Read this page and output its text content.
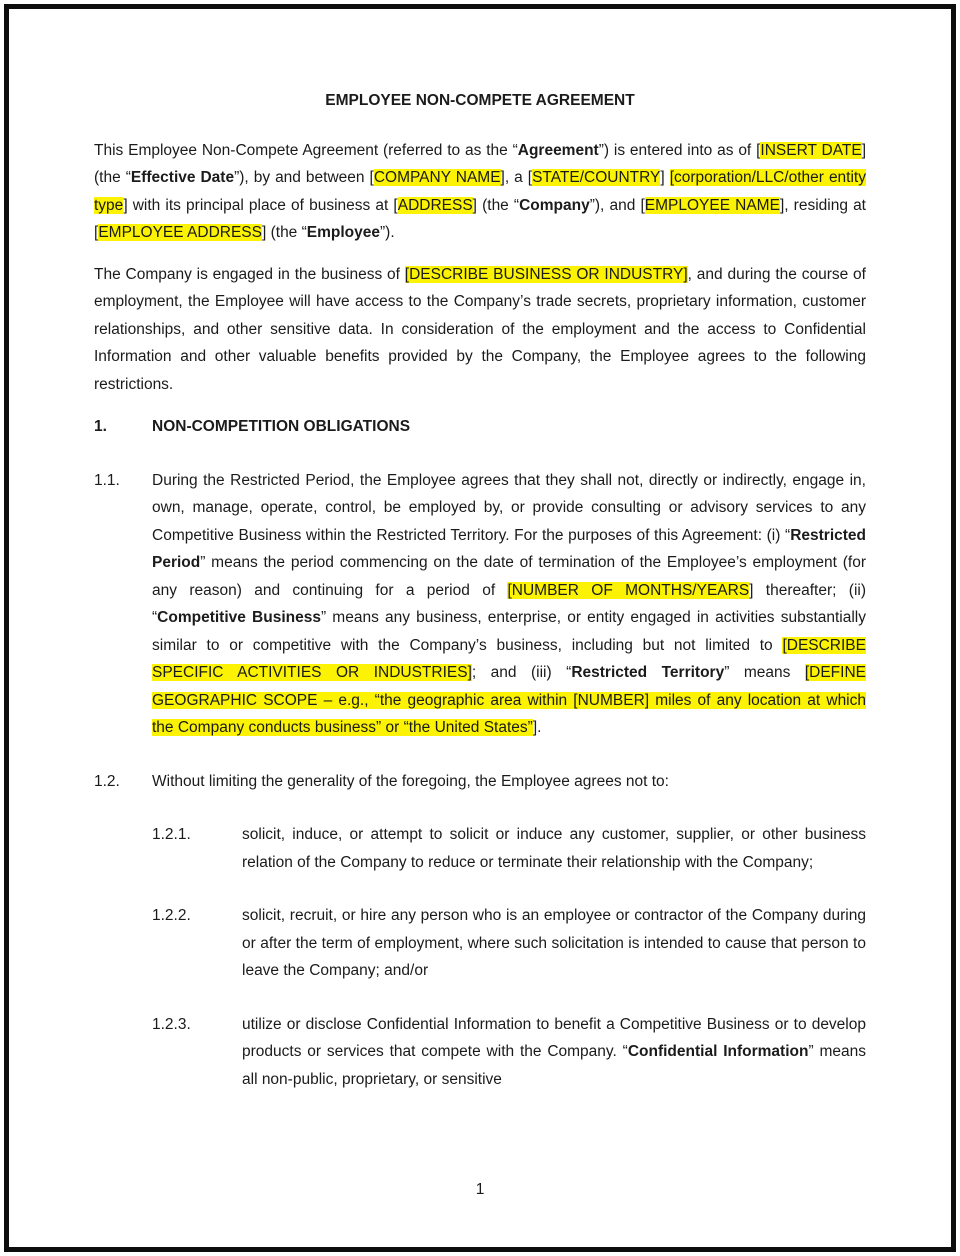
EMPLOYEE NON-COMPETE AGREEMENT

This Employee Non-Compete Agreement (referred to as the “Agreement”) is entered into as of [INSERT DATE] (the “Effective Date”), by and between [COMPANY NAME], a [STATE/COUNTRY] [corporation/LLC/other entity type] with its principal place of business at [ADDRESS] (the “Company”), and [EMPLOYEE NAME], residing at [EMPLOYEE ADDRESS] (the “Employee”).

The Company is engaged in the business of [DESCRIBE BUSINESS OR INDUSTRY], and during the course of employment, the Employee will have access to the Company’s trade secrets, proprietary information, customer relationships, and other sensitive data. In consideration of the employment and the access to Confidential Information and other valuable benefits provided by the Company, the Employee agrees to the following restrictions.

1.	NON-COMPETITION OBLIGATIONS
1.1.	During the Restricted Period, the Employee agrees that they shall not, directly or indirectly, engage in, own, manage, operate, control, be employed by, or provide consulting or advisory services to any Competitive Business within the Restricted Territory. For the purposes of this Agreement: (i) “Restricted Period” means the period commencing on the date of termination of the Employee’s employment (for any reason) and continuing for a period of [NUMBER OF MONTHS/YEARS] thereafter; (ii) “Competitive Business” means any business, enterprise, or entity engaged in activities substantially similar to or competitive with the Company’s business, including but not limited to [DESCRIBE SPECIFIC ACTIVITIES OR INDUSTRIES]; and (iii) “Restricted Territory” means [DEFINE GEOGRAPHIC SCOPE – e.g., “the geographic area within [NUMBER] miles of any location at which the Company conducts business” or “the United States”].
1.2.	Without limiting the generality of the foregoing, the Employee agrees not to:
1.2.1.	solicit, induce, or attempt to solicit or induce any customer, supplier, or other business relation of the Company to reduce or terminate their relationship with the Company;
1.2.2.	solicit, recruit, or hire any person who is an employee or contractor of the Company during or after the term of employment, where such solicitation is intended to cause that person to leave the Company; and/or
1.2.3.	utilize or disclose Confidential Information to benefit a Competitive Business or to develop products or services that compete with the Company. “Confidential Information” means all non-public, proprietary, or sensitive
1
